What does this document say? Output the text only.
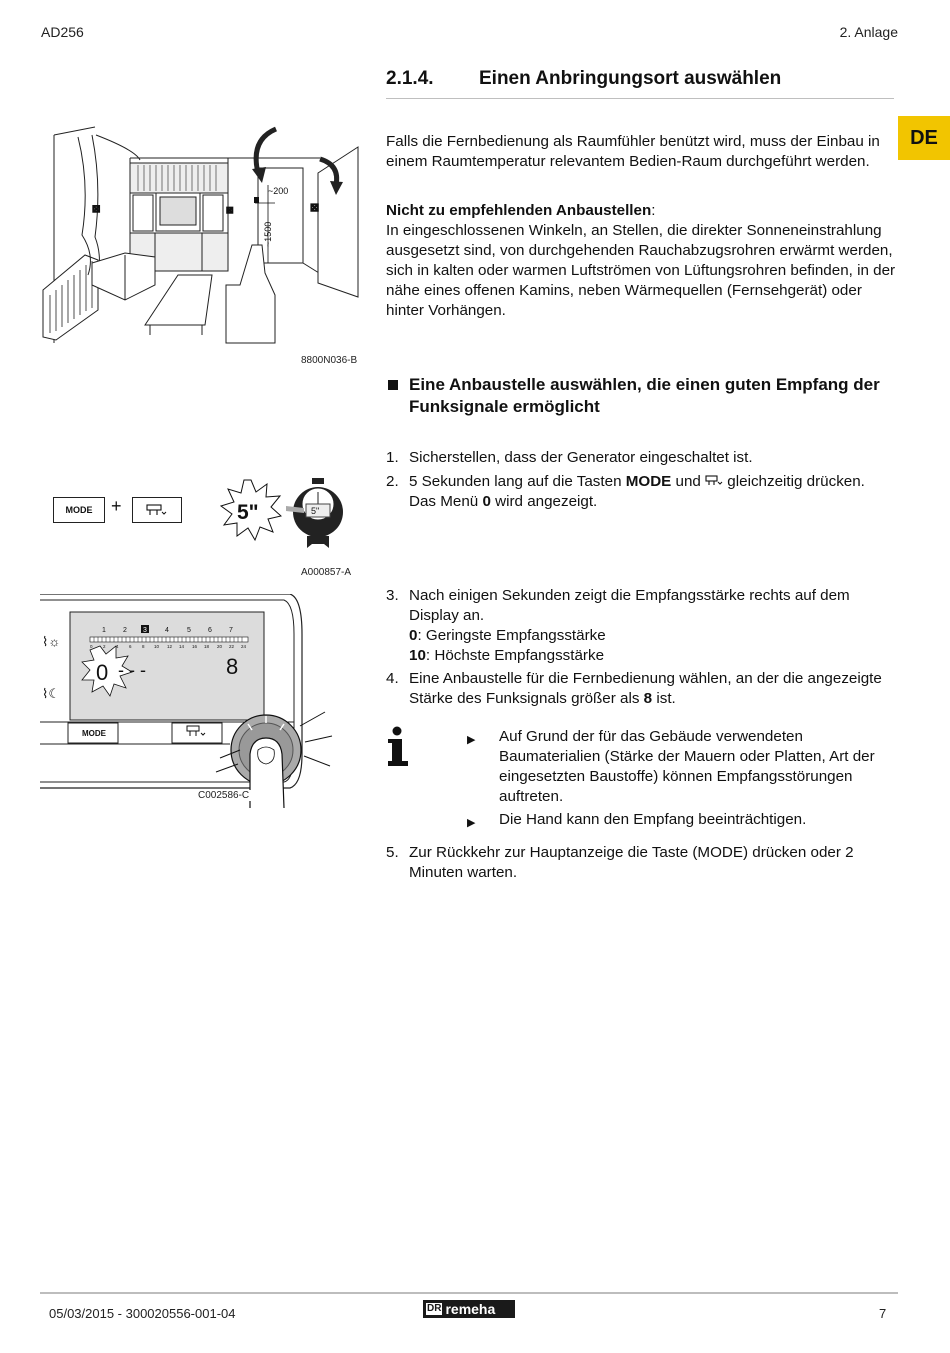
AD256	2. Anlage
2.1.4. Einen Anbringungsort auswählen
DE
Falls die Fernbedienung als Raumfühler benützt wird, muss der Einbau in einem Raumtemperatur relevantem Bedien-Raum durchgeführt werden.
Nicht zu empfehlenden Anbaustellen:
In eingeschlossenen Winkeln, an Stellen, die direkter Sonneneinstrahlung ausgesetzt sind, von durchgehenden Rauchabzugsrohren erwärmt werden, sich in kalten oder warmen Luftströmen von Lüftungsrohren befinden, in der nähe eines offenen Kamins, neben Wärmequellen (Fernsehgerät) oder hinter Vorhängen.
Eine Anbaustelle auswählen, die einen guten Empfang der Funksignale ermöglicht
1. Sicherstellen, dass der Generator eingeschaltet ist.
2. 5 Sekunden lang auf die Tasten MODE und  gleichzeitig drücken. Das Menü 0 wird angezeigt.
3. Nach einigen Sekunden zeigt die Empfangsstärke rechts auf dem Display an.
0: Geringste Empfangsstärke
10: Höchste Empfangsstärke
4. Eine Anbaustelle für die Fernbedienung wählen, an der die angezeigte Stärke des Funksignals größer als 8 ist.
▶ Auf Grund der für das Gebäude verwendeten Baumaterialien (Stärke der Mauern oder Platten, Art der eingesetzten Baustoffe) können Empfangsstörungen auftreten.
▶ Die Hand kann den Empfang beeinträchtigen.
5. Zur Rückkehr zur Hauptanzeige die Taste (MODE) drücken oder 2 Minuten warten.
⊠	⊠	⊠
~200
~1500
8800N036-B
MODE	+	5"	5"
A000857-A
1 2 3	4	5 6 7
0 2 4 6 8 10 12 14 16 18 20 22 24
0 - - -	8
⌇☼
⌇☾
MODE
C002586-C
05/03/2015 - 300020556-001-04	DR remeha	7
